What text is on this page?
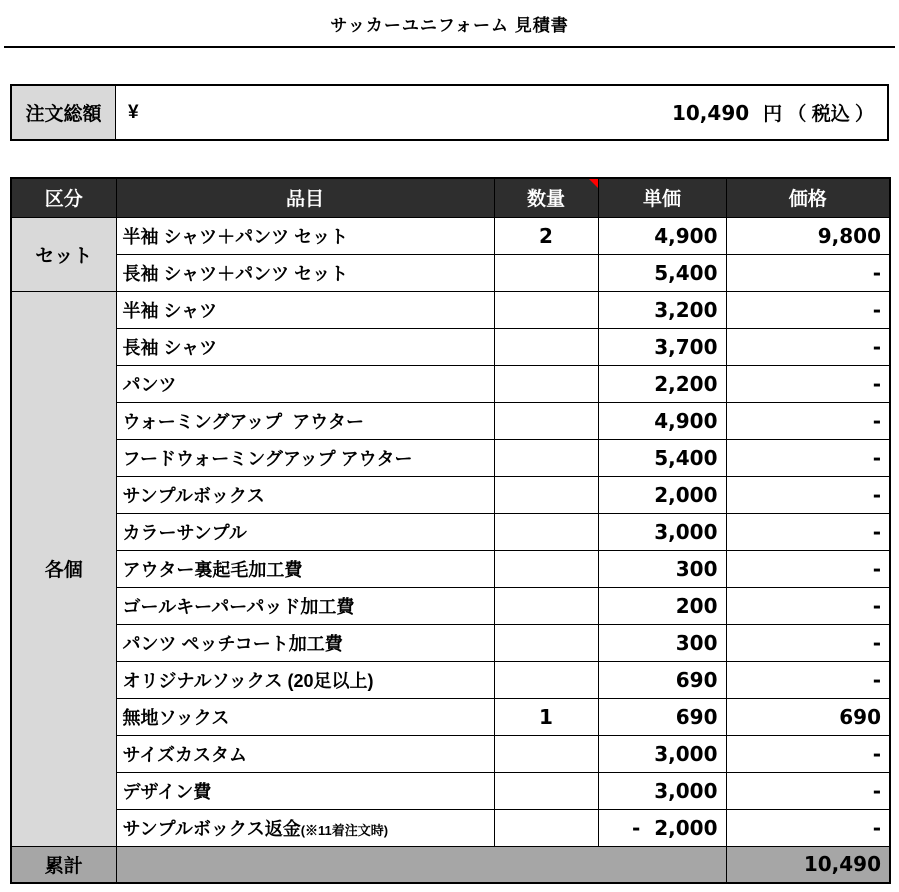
サッカーユニフォーム 見積書
注文総額	¥	10,490 円 （ 税込 ）
区分	品目	数量	単価	価格
セット	半袖 シャツ＋パンツ セット	2	4,900	9,800
	長袖 シャツ＋パンツ セット		5,400	-
各個	半袖 シャツ		3,200	-
	長袖 シャツ		3,700	-
	パンツ		2,200	-
	ウォーミングアップ  アウター		4,900	-
	フードウォーミングアップ アウター		5,400	-
	サンプルボックス		2,000	-
	カラーサンプル		3,000	-
	アウター裏起毛加工費		300	-
	ゴールキーパーパッド加工費		200	-
	パンツ ペッチコート加工費		300	-
	オリジナルソックス (20足以上)		690	-
	無地ソックス	1	690	690
	サイズカスタム		3,000	-
	デザイン費		3,000	-
	サンプルボックス返金(※11着注文時)		-  2,000	-
累計				10,490
